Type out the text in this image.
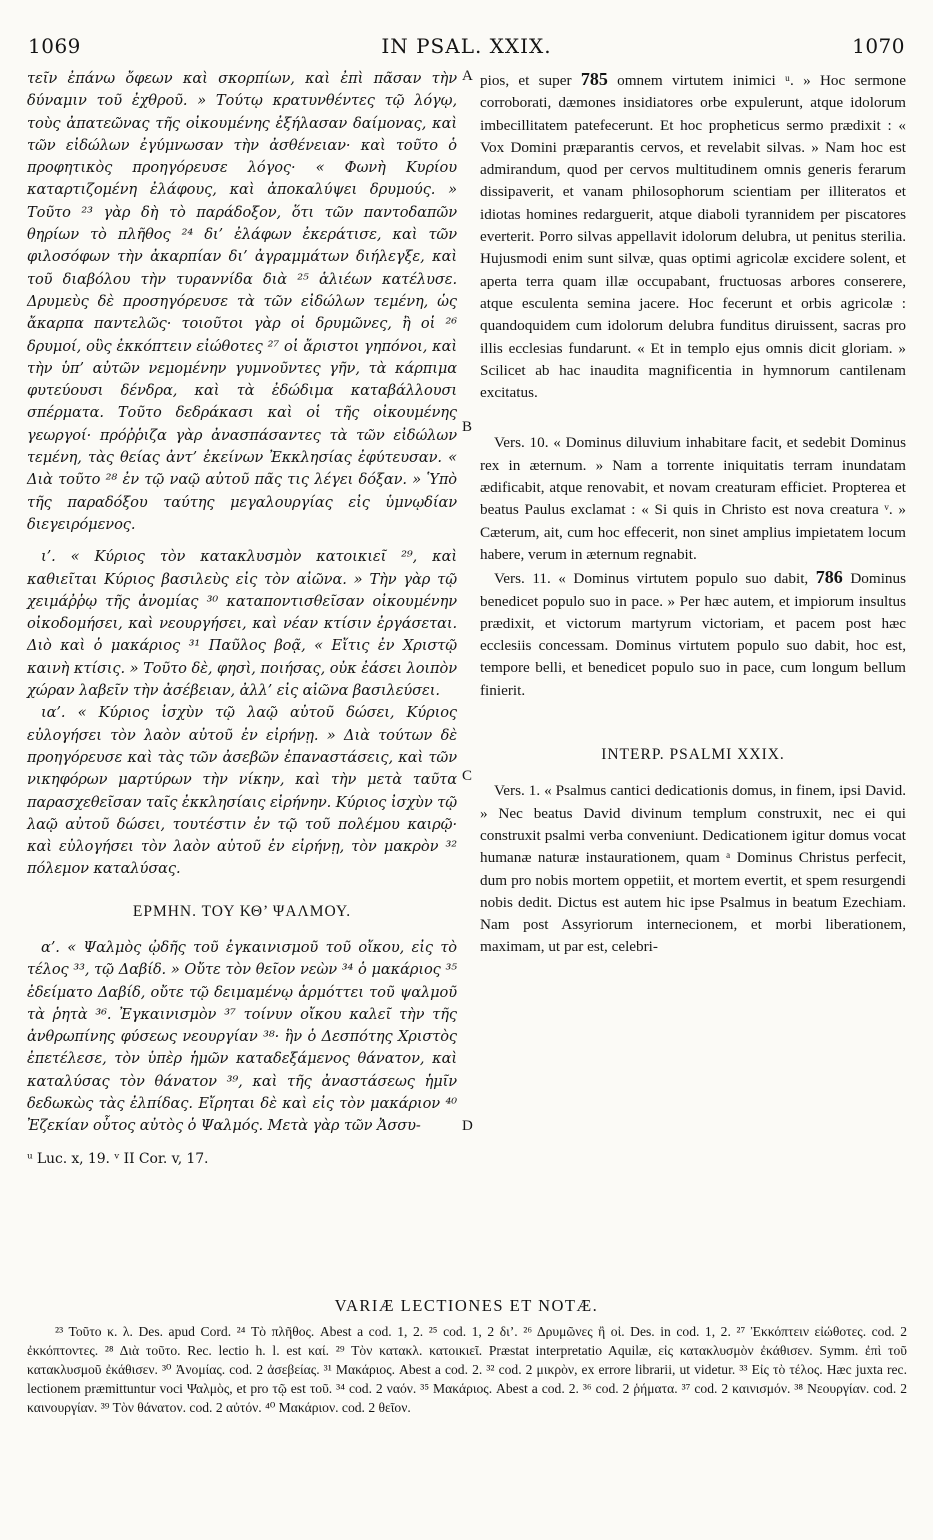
1069	IN PSAL. XXIX.	1070
A
B
C
D

τεῖν ἐπάνω ὄφεων καὶ σκορπίων, καὶ ἐπὶ πᾶσαν τὴν δύναμιν τοῦ ἐχθροῦ. » Τούτῳ κρατυνθέντες τῷ λόγῳ, τοὺς ἀπατεῶνας τῆς οἰκουμένης ἐξήλασαν δαίμονας, καὶ τῶν εἰδώλων ἐγύμνωσαν τὴν ἀσθένειαν· καὶ τοῦτο ὁ προφητικὸς προηγόρευσε λόγος· « Φωνὴ Κυρίου καταρτιζομένη ἐλάφους, καὶ ἀποκαλύψει δρυμούς. » Τοῦτο ²³ γὰρ δὴ τὸ παράδοξον, ὅτι τῶν παντοδαπῶν θηρίων τὸ πλῆθος ²⁴ δι’ ἐλάφων ἐκεράτισε, καὶ τῶν φιλοσόφων τὴν ἀκαρπίαν δι’ ἀγραμμάτων διήλεγξε, καὶ τοῦ διαβόλου τὴν τυραννίδα διὰ ²⁵ ἁλιέων κατέλυσε. Δρυμεὺς δὲ προσηγόρευσε τὰ τῶν εἰδώλων τεμένη, ὡς ἄκαρπα παντελῶς· τοιοῦτοι γὰρ οἱ δρυμῶνες, ἢ οἱ ²⁶ δρυμοί, οὓς ἐκκόπτειν εἰώθοτες ²⁷ οἱ ἄριστοι γηπόνοι, καὶ τὴν ὑπ’ αὐτῶν νεμομένην γυμνοῦντες γῆν, τὰ κάρπιμα φυτεύουσι δένδρα, καὶ τὰ ἐδώδιμα καταβάλλουσι σπέρματα. Τοῦτο δεδράκασι καὶ οἱ τῆς οἰκουμένης γεωργοί· πρόῤῥιζα γὰρ ἀνασπάσαντες τὰ τῶν εἰδώλων τεμένη, τὰς θείας ἀντ’ ἐκείνων Ἐκκλησίας ἐφύτευσαν. « Διὰ τοῦτο ²⁸ ἐν τῷ ναῷ αὐτοῦ πᾶς τις λέγει δόξαν. » Ὑπὸ τῆς παραδόξου ταύτης μεγαλουργίας εἰς ὑμνῳδίαν διεγειρόμενος.

ι’. « Κύριος τὸν κατακλυσμὸν κατοικιεῖ ²⁹, καὶ καθιεῖται Κύριος βασιλεὺς εἰς τὸν αἰῶνα. » Τὴν γὰρ τῷ χειμάῤῥῳ τῆς ἀνομίας ³⁰ καταποντισθεῖσαν οἰκουμένην οἰκοδομήσει, καὶ νεουργήσει, καὶ νέαν κτίσιν ἐργάσεται. Διὸ καὶ ὁ μακάριος ³¹ Παῦλος βοᾷ, « Εἴτις ἐν Χριστῷ καινὴ κτίσις. » Τοῦτο δὲ, φησὶ, ποιήσας, οὐκ ἐάσει λοιπὸν χώραν λαβεῖν τὴν ἀσέβειαν, ἀλλ’ εἰς αἰῶνα βασιλεύσει.

ια’. « Κύριος ἰσχὺν τῷ λαῷ αὐτοῦ δώσει, Κύριος εὐλογήσει τὸν λαὸν αὐτοῦ ἐν εἰρήνῃ. » Διὰ τούτων δὲ προηγόρευσε καὶ τὰς τῶν ἀσεβῶν ἐπαναστάσεις, καὶ τῶν νικηφόρων μαρτύρων τὴν νίκην, καὶ τὴν μετὰ ταῦτα παρασχεθεῖσαν ταῖς ἐκκλησίαις εἰρήνην. Κύριος ἰσχὺν τῷ λαῷ αὐτοῦ δώσει, τουτέστιν ἐν τῷ τοῦ πολέμου καιρῷ· καὶ εὐλογήσει τὸν λαὸν αὐτοῦ ἐν εἰρήνῃ, τὸν μακρὸν ³² πόλεμον καταλύσας.

ΕΡΜΗΝ. ΤΟΥ ΚΘ’ ΨΑΛΜΟΥ.

α’. « Ψαλμὸς ᾠδῆς τοῦ ἐγκαινισμοῦ τοῦ οἴκου, εἰς τὸ τέλος ³³, τῷ Δαβίδ. » Οὔτε τὸν θεῖον νεὼν ³⁴ ὁ μακάριος ³⁵ ἐδείματο Δαβίδ, οὔτε τῷ δειμαμένῳ ἁρμόττει τοῦ ψαλμοῦ τὰ ῥητὰ ³⁶. Ἐγκαινισμὸν ³⁷ τοίνυν οἴκου καλεῖ τὴν τῆς ἀνθρωπίνης φύσεως νεουργίαν ³⁸· ἣν ὁ Δεσπότης Χριστὸς ἐπετέλεσε, τὸν ὑπὲρ ἡμῶν καταδεξάμενος θάνατον, καὶ καταλύσας τὸν θάνατον ³⁹, καὶ τῆς ἀναστάσεως ἡμῖν δεδωκὼς τὰς ἐλπίδας. Εἴρηται δὲ καὶ εἰς τὸν μακάριον ⁴⁰ Ἐζεκίαν οὗτος αὐτὸς ὁ Ψαλμός. Μετὰ γὰρ τῶν Ἀσσυ-

ᵘ Luc. x, 19. ᵛ II Cor. v, 17.

pios, et super 785 omnem virtutem inimici ᵘ. » Hoc sermone corroborati, dæmones insidiatores orbe expulerunt, atque idolorum imbecillitatem patefecerunt. Et hoc propheticus sermo prædixit : « Vox Domini præparantis cervos, et revelabit silvas. » Nam hoc est admirandum, quod per cervos multitudinem omnis generis ferarum dissipaverit, et vanam philosophorum scientiam per illiteratos et idiotas homines redarguerit, atque diaboli tyrannidem per piscatores everterit. Porro silvas appellavit idolorum delubra, ut penitus sterilia. Hujusmodi enim sunt silvæ, quas optimi agricolæ excidere solent, et aperta terra quam illæ occupabant, fructuosas arbores conserere, atque esculenta semina jacere. Hoc fecerunt et orbis agricolæ : quandoquidem cum idolorum delubra funditus diruissent, sacras pro illis ecclesias fundarunt. « Et in templo ejus omnis dicit gloriam. » Scilicet ab hac inaudita magnificentia in hymnorum cantilenam excitatus.

Vers. 10. « Dominus diluvium inhabitare facit, et sedebit Dominus rex in æternum. » Nam a torrente iniquitatis terram inundatam ædificabit, atque renovabit, et novam creaturam efficiet. Propterea et beatus Paulus exclamat : « Si quis in Christo est nova creatura ᵛ. » Cæterum, ait, cum hoc effecerit, non sinet amplius impietatem locum habere, verum in æternum regnabit.

Vers. 11. « Dominus virtutem populo suo dabit, 786 Dominus benedicet populo suo in pace. » Per hæc autem, et impiorum insultus prædixit, et victorum martyrum victoriam, et pacem post hæc ecclesiis concessam. Dominus virtutem populo suo dabit, hoc est, tempore belli, et benedicet populo suo in pace, cum longum bellum finierit.

INTERP. PSALMI XXIX.

Vers. 1. « Psalmus cantici dedicationis domus, in finem, ipsi David. » Nec beatus David divinum templum construxit, nec ei qui construxit psalmi verba conveniunt. Dedicationem igitur domus vocat humanæ naturæ instaurationem, quam ᵃ Dominus Christus perfecit, dum pro nobis mortem oppetiit, et mortem evertit, et spem resurgendi nobis dedit. Dictus est autem hic ipse Psalmus in beatum Ezechiam. Nam post Assyriorum internecionem, et morbi liberationem, maximam, ut par est, celebri-

VARIÆ LECTIONES ET NOTÆ.

²³ Τοῦτο κ. λ. Des. apud Cord. ²⁴ Τὸ πλῆθος. Abest a cod. 1, 2. ²⁵ cod. 1, 2 δι’. ²⁶ Δρυμῶνες ἢ οἱ. Des. in cod. 1, 2. ²⁷ Ἐκκόπτειν εἰώθοτες. cod. 2 ἐκκόπτοντες. ²⁸ Διὰ τοῦτο. Rec. lectio h. l. est καί. ²⁹ Τὸν κατακλ. κατοικιεῖ. Præstat interpretatio Aquilæ, εἰς κατακλυσμὸν ἐκάθισεν. Symm. ἐπὶ τοῦ κατακλυσμοῦ ἐκάθισεν. ³⁰ Ἀνομίας. cod. 2 ἀσεβείας. ³¹ Μακάριος. Abest a cod. 2. ³² cod. 2 μικρὸν, ex errore librarii, ut videtur. ³³ Εἰς τὸ τέλος. Hæc juxta rec. lectionem præmittuntur voci Ψαλμὸς, et pro τῷ est τοῦ. ³⁴ cod. 2 ναόν. ³⁵ Μακάριος. Abest a cod. 2. ³⁶ cod. 2 ῥήματα. ³⁷ cod. 2 καινισμόν. ³⁸ Νεουργίαν. cod. 2 καινουργίαν. ³⁹ Τὸν θάνατον. cod. 2 αὐτόν. ⁴⁰ Μακάριον. cod. 2 θεῖον.
